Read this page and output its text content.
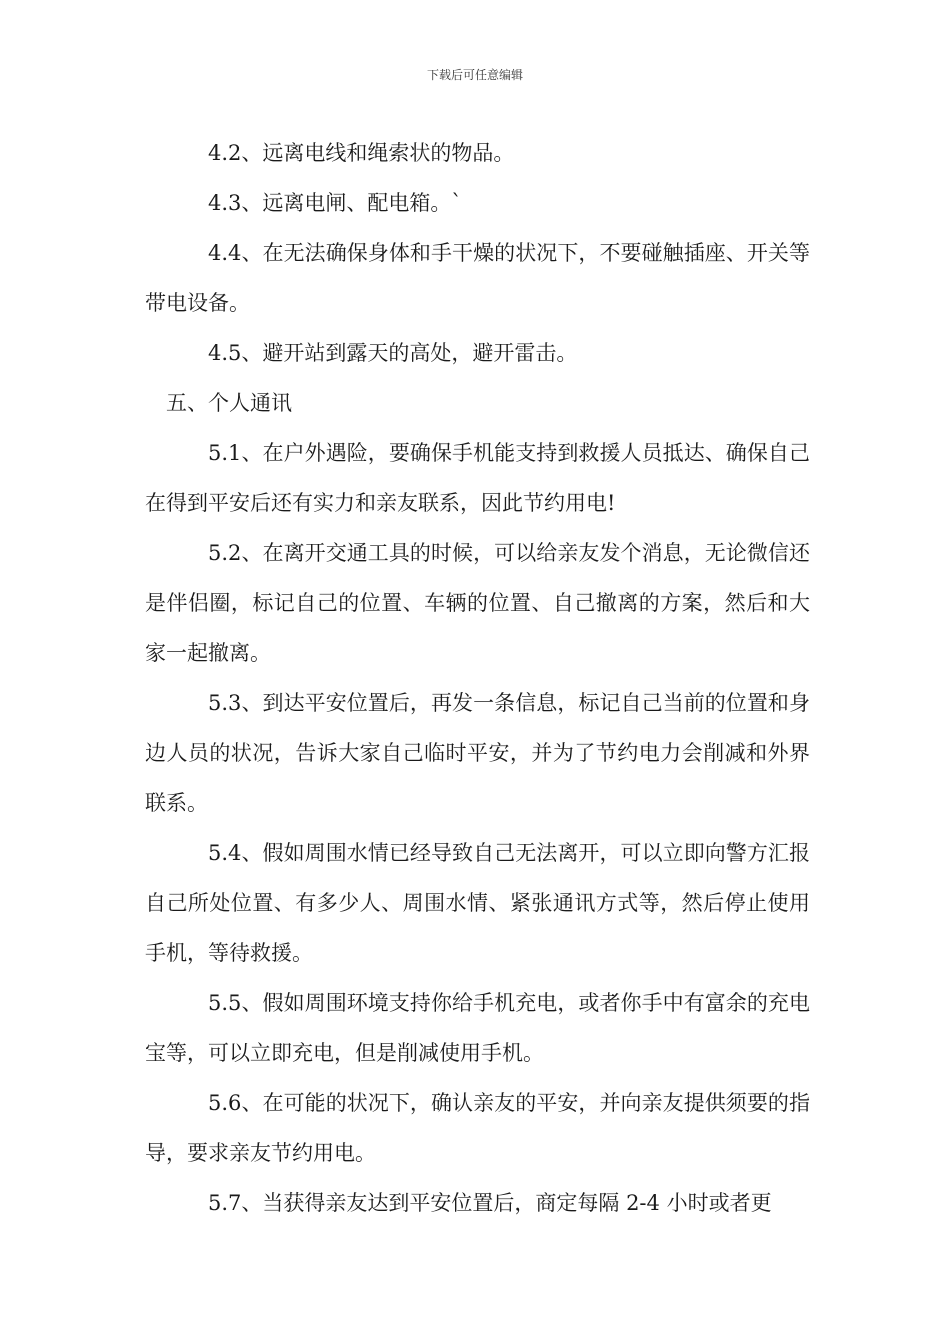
下载后可任意编辑

4.2、远离电线和绳索状的物品。

4.3、远离电闸、配电箱。`

4.4、在无法确保身体和手干燥的状况下，不要碰触插座、开关等带电设备。

4.5、避开站到露天的高处，避开雷击。

五、个人通讯

5.1、在户外遇险，要确保手机能支持到救援人员抵达、确保自己在得到平安后还有实力和亲友联系，因此节约用电!

5.2、在离开交通工具的时候，可以给亲友发个消息，无论微信还是伴侣圈，标记自己的位置、车辆的位置、自己撤离的方案，然后和大家一起撤离。

5.3、到达平安位置后，再发一条信息，标记自己当前的位置和身边人员的状况，告诉大家自己临时平安，并为了节约电力会削减和外界联系。

5.4、假如周围水情已经导致自己无法离开，可以立即向警方汇报自己所处位置、有多少人、周围水情、紧张通讯方式等，然后停止使用手机，等待救援。

5.5、假如周围环境支持你给手机充电，或者你手中有富余的充电宝等，可以立即充电，但是削减使用手机。

5.6、在可能的状况下，确认亲友的平安，并向亲友提供须要的指导，要求亲友节约用电。

5.7、当获得亲友达到平安位置后，商定每隔 2-4 小时或者更
